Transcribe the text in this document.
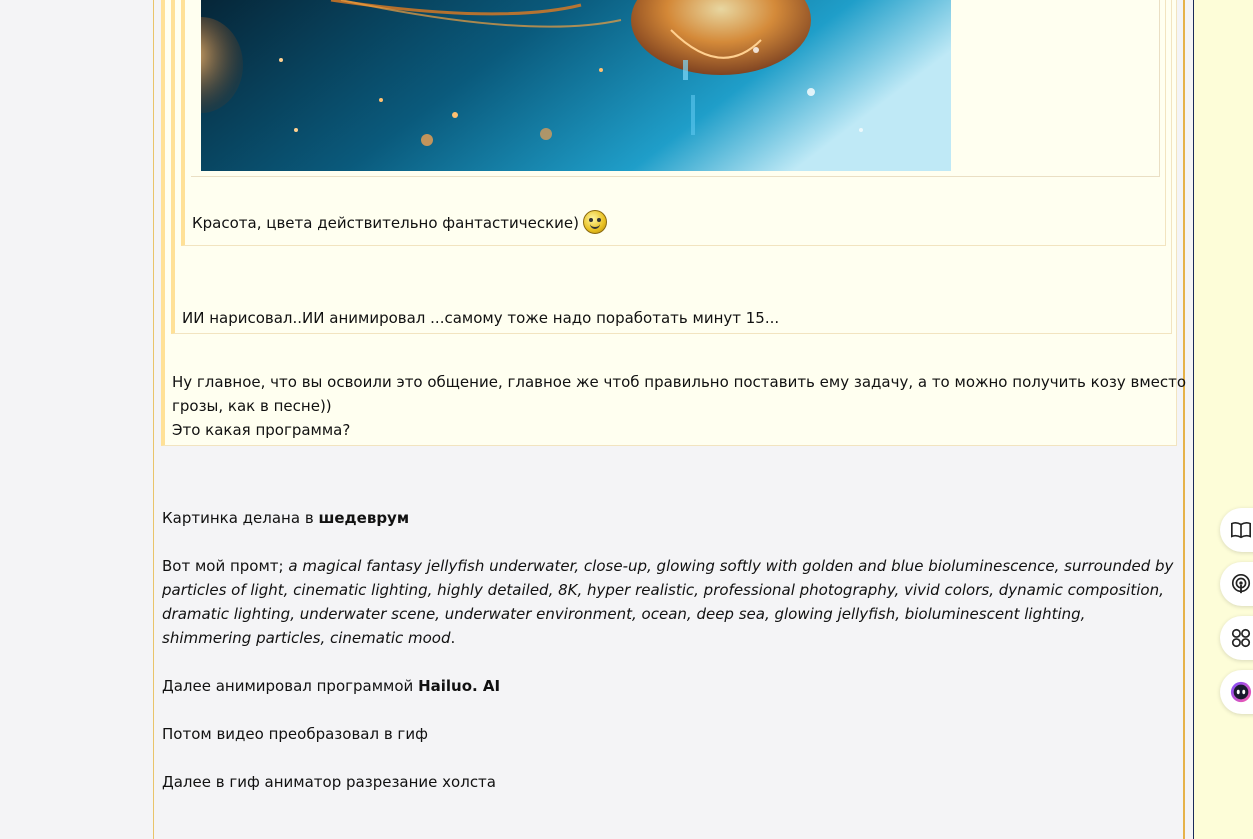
Красота, цвета действительно фантастические)
ИИ нарисовал..ИИ анимировал ...самому тоже надо поработать минут 15...
Ну главное, что вы освоили это общение, главное же чтоб правильно поставить ему задачу, а то можно получить козу вместо
грозы, как в песне))
Это какая программа?
Картинка делана в шедеврум
Вот мой промт; a magical fantasy jellyfish underwater, close-up, glowing softly with golden and blue bioluminescence, surrounded by
particles of light, cinematic lighting, highly detailed, 8K, hyper realistic, professional photography, vivid colors, dynamic composition,
dramatic lighting, underwater scene, underwater environment, ocean, deep sea, glowing jellyfish, bioluminescent lighting,
shimmering particles, cinematic mood.
Далее анимировал программой Hailuo. AI
Потом видео преобразовал в гиф
Далее в гиф аниматор разрезание холста
